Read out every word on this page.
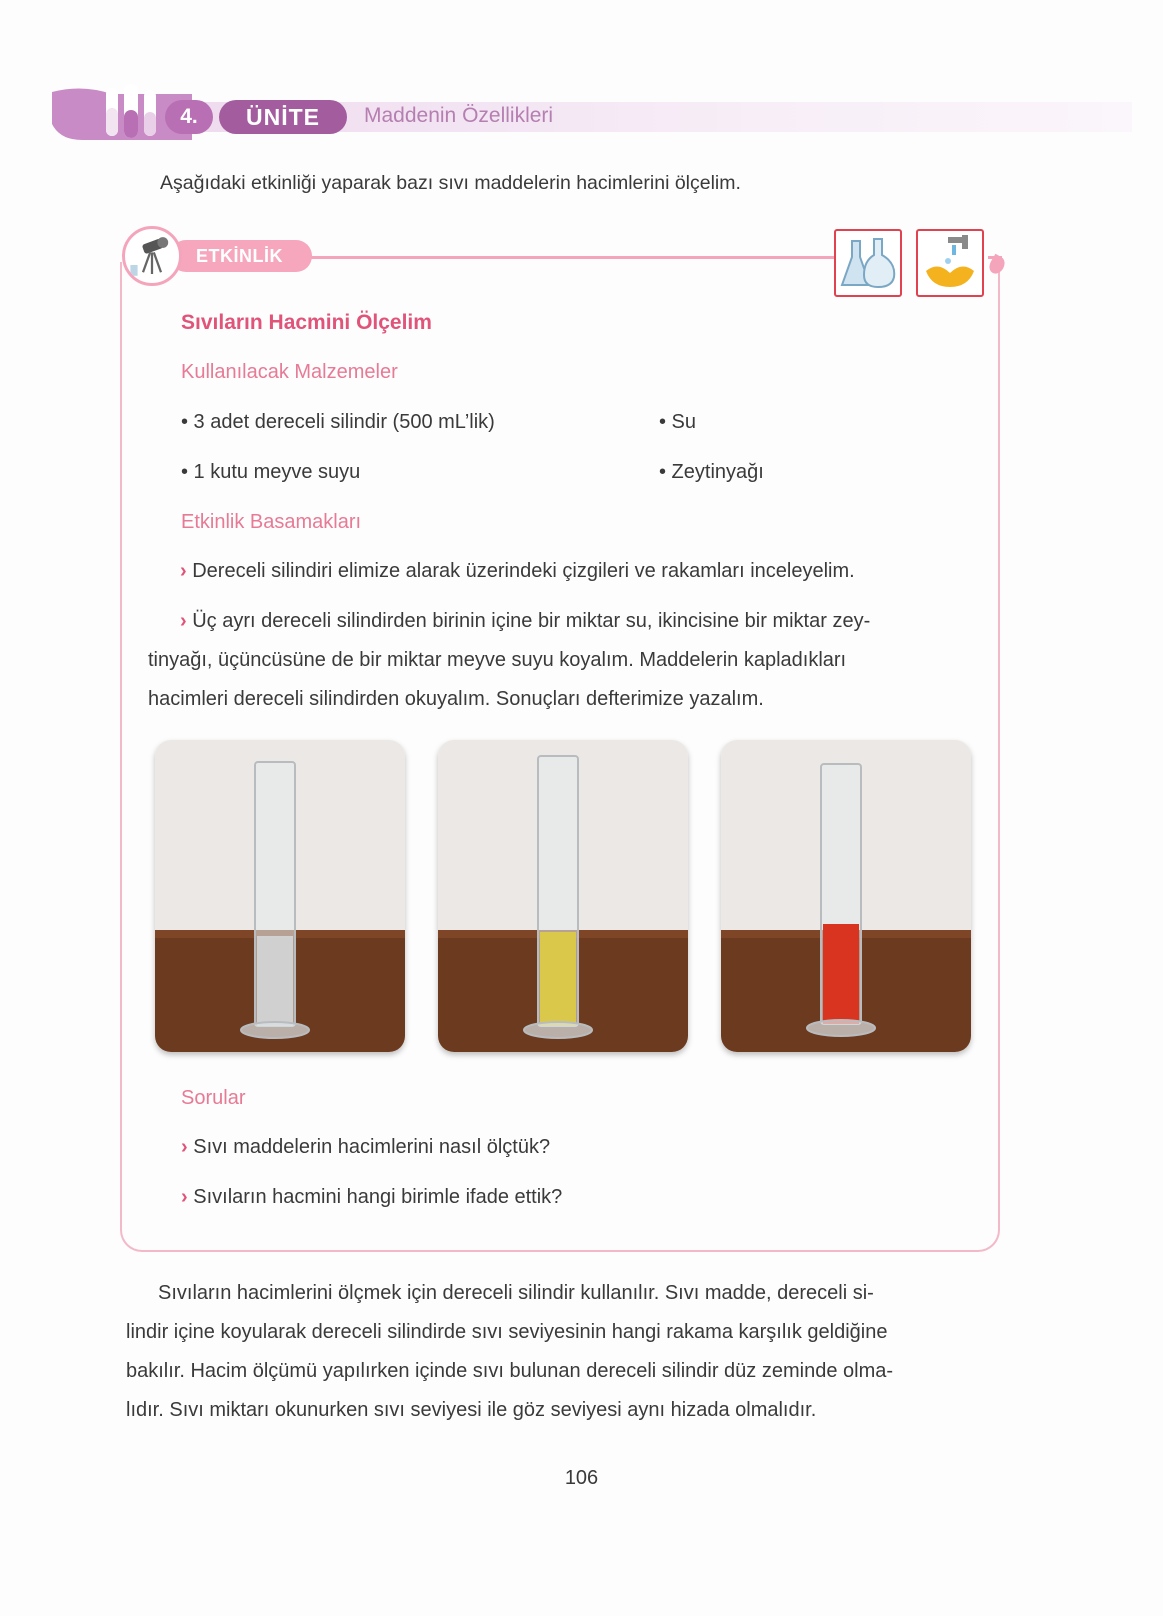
4.	ÜNİTE	Maddenin Özellikleri
Aşağıdaki etkinliği yaparak bazı sıvı maddelerin hacimlerini ölçelim.
ETKİNLİK
Sıvıların Hacmini Ölçelim
Kullanılacak Malzemeler
• 3 adet dereceli silindir (500 mL’lik)	• Su
• 1 kutu meyve suyu	• Zeytinyağı
Etkinlik Basamakları
› Dereceli silindiri elimize alarak üzerindeki çizgileri ve rakamları inceleyelim.
› Üç ayrı dereceli silindirden birinin içine bir miktar su, ikincisine bir miktar zey-
tinyağı, üçüncüsüne de bir miktar meyve suyu koyalım. Maddelerin kapladıkları
hacimleri dereceli silindirden okuyalım. Sonuçları defterimize yazalım.
Sorular
› Sıvı maddelerin hacimlerini nasıl ölçtük?
› Sıvıların hacmini hangi birimle ifade ettik?
Sıvıların hacimlerini ölçmek için dereceli silindir kullanılır. Sıvı madde, dereceli si-
lindir içine koyularak dereceli silindirde sıvı seviyesinin hangi rakama karşılık geldiğine
bakılır. Hacim ölçümü yapılırken içinde sıvı bulunan dereceli silindir düz zeminde olma-
lıdır. Sıvı miktarı okunurken sıvı seviyesi ile göz seviyesi aynı hizada olmalıdır.
106
